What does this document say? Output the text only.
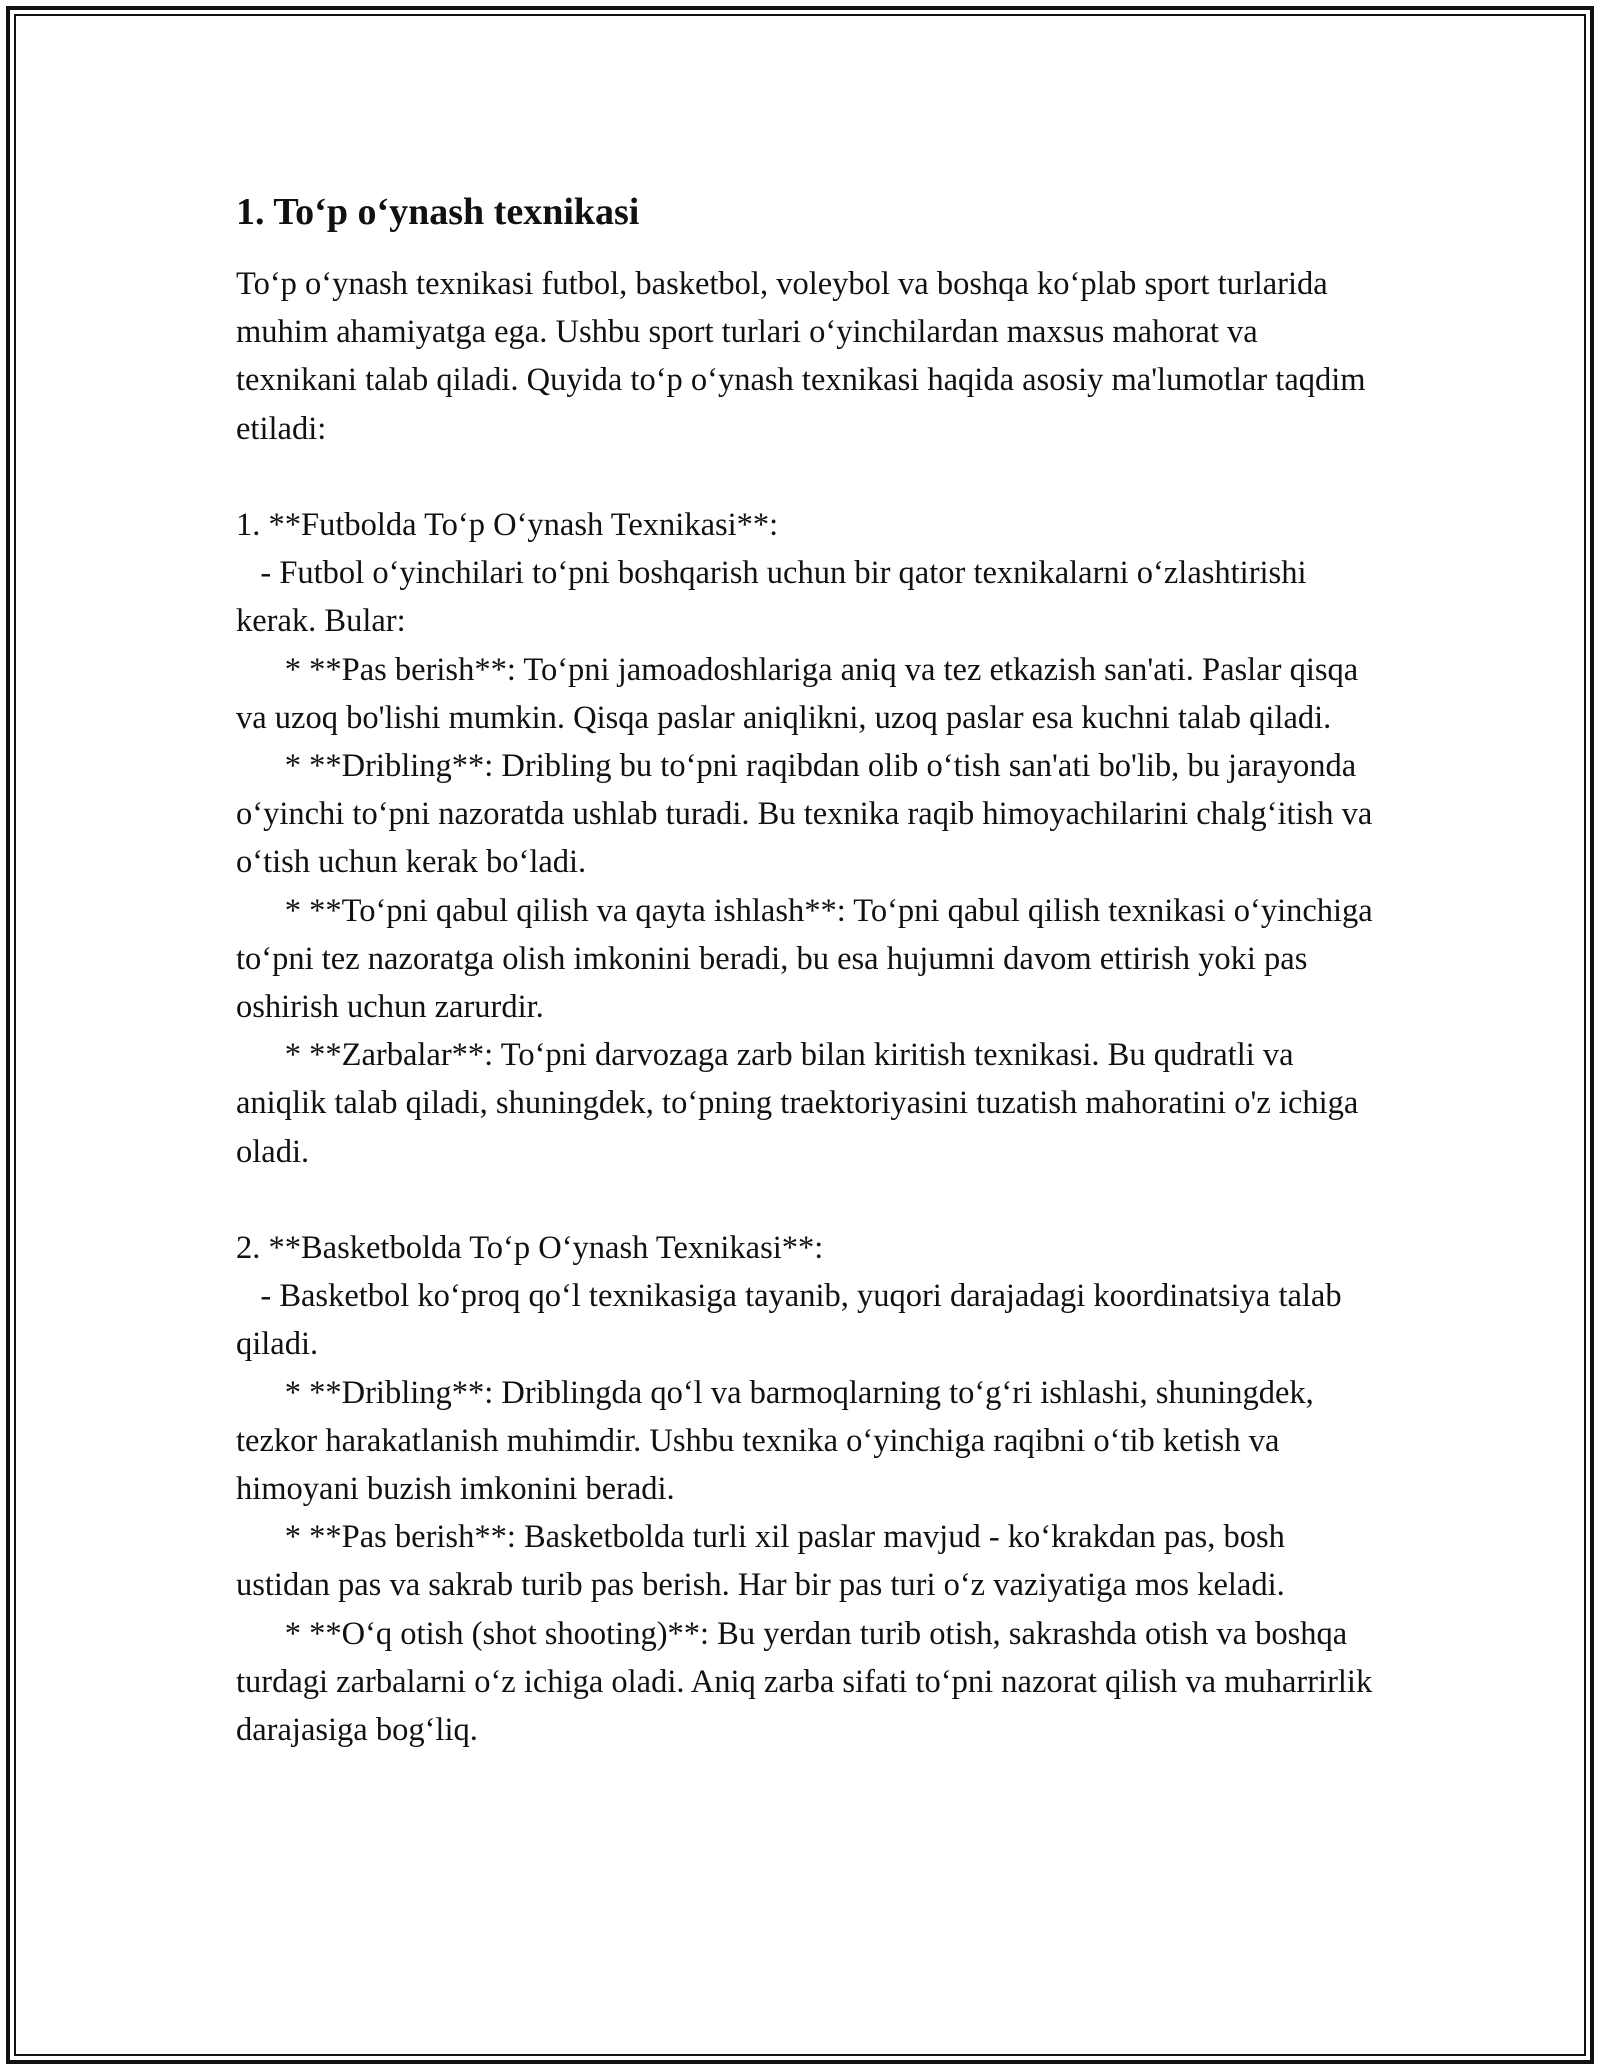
1. To‘p o‘ynash texnikasi

To‘p o‘ynash texnikasi futbol, basketbol, voleybol va boshqa ko‘plab sport turlarida muhim ahamiyatga ega. Ushbu sport turlari o‘yinchilardan maxsus mahorat va texnikani talab qiladi. Quyida to‘p o‘ynash texnikasi haqida asosiy ma'lumotlar taqdim etiladi:

1. **Futbolda To‘p O‘ynash Texnikasi**:

- Futbol o‘yinchilari to‘pni boshqarish uchun bir qator texnikalarni o‘zlashtirishi kerak. Bular:

* **Pas berish**: To‘pni jamoadoshlariga aniq va tez etkazish san'ati. Paslar qisqa va uzoq bo'lishi mumkin. Qisqa paslar aniqlikni, uzoq paslar esa kuchni talab qiladi.

* **Dribling**: Dribling bu to‘pni raqibdan olib o‘tish san'ati bo'lib, bu jarayonda o‘yinchi to‘pni nazoratda ushlab turadi. Bu texnika raqib himoyachilarini chalg‘itish va o‘tish uchun kerak bo‘ladi.

* **To‘pni qabul qilish va qayta ishlash**: To‘pni qabul qilish texnikasi o‘yinchiga to‘pni tez nazoratga olish imkonini beradi, bu esa hujumni davom ettirish yoki pas oshirish uchun zarurdir.

* **Zarbalar**: To‘pni darvozaga zarb bilan kiritish texnikasi. Bu qudratli va aniqlik talab qiladi, shuningdek, to‘pning traektoriyasini tuzatish mahoratini o'z ichiga oladi.

2. **Basketbolda To‘p O‘ynash Texnikasi**:

- Basketbol ko‘proq qo‘l texnikasiga tayanib, yuqori darajadagi koordinatsiya talab qiladi.

* **Dribling**: Driblingda qo‘l va barmoqlarning to‘g‘ri ishlashi, shuningdek, tezkor harakatlanish muhimdir. Ushbu texnika o‘yinchiga raqibni o‘tib ketish va himoyani buzish imkonini beradi.

* **Pas berish**: Basketbolda turli xil paslar mavjud - ko‘krakdan pas, bosh ustidan pas va sakrab turib pas berish. Har bir pas turi o‘z vaziyatiga mos keladi.

* **O‘q otish (shot shooting)**: Bu yerdan turib otish, sakrashda otish va boshqa turdagi zarbalarni o‘z ichiga oladi. Aniq zarba sifati to‘pni nazorat qilish va muharrirlik darajasiga bog‘liq.
